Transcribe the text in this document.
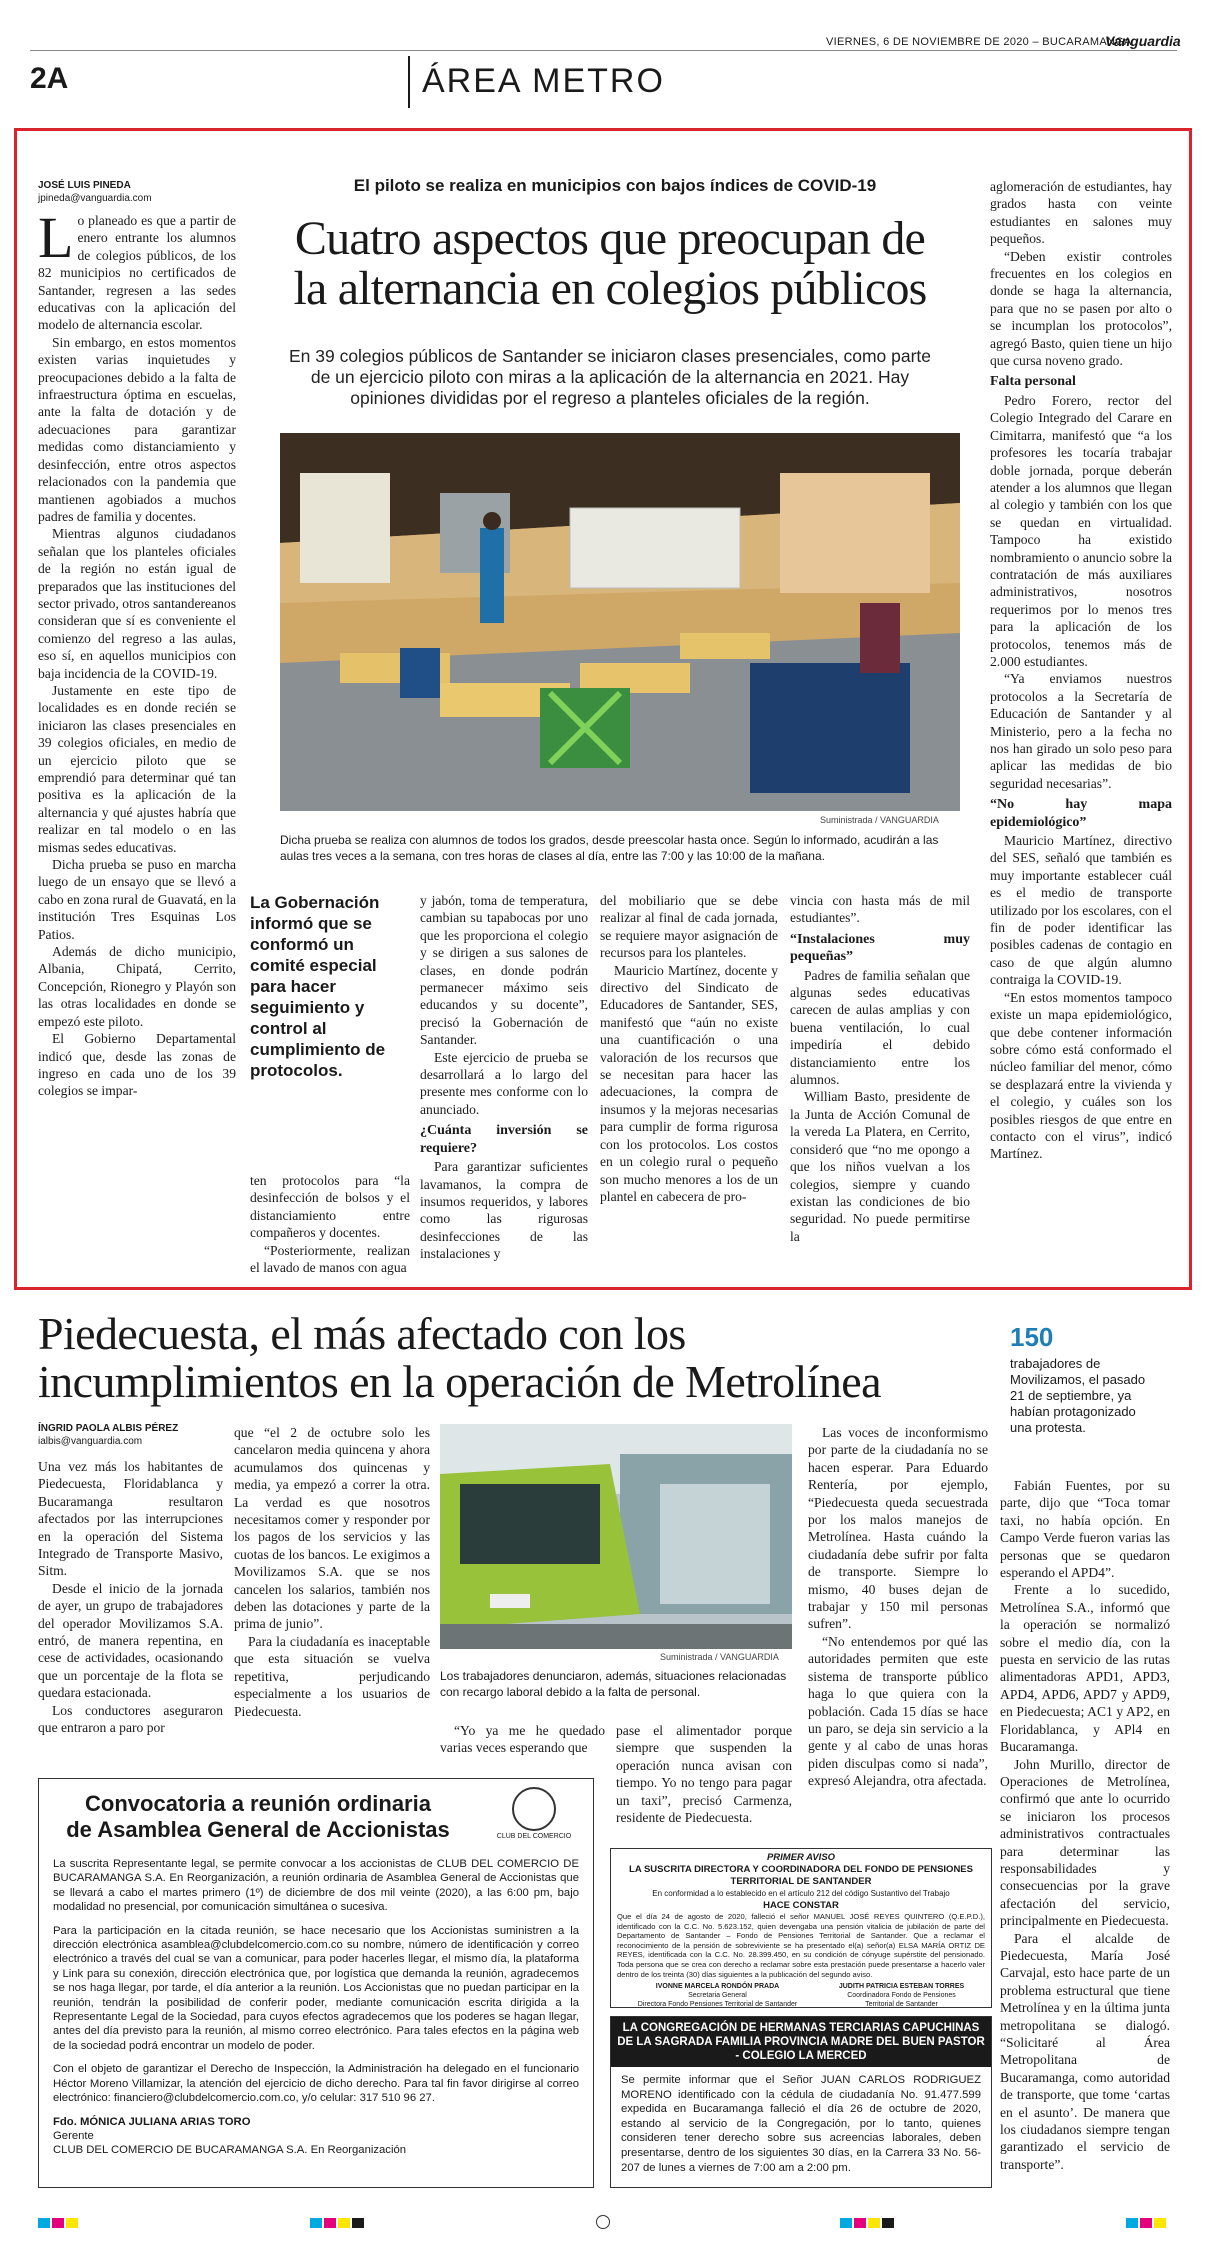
2A	ÁREA METRO
VIERNES, 6 DE NOVIEMBRE DE 2020 – BUCARAMANGA
Vanguardia
JOSÉ LUIS PINEDA
jpineda@vanguardia.com
El piloto se realiza en municipios con bajos índices de COVID-19
Cuatro aspectos que preocupan de
la alternancia en colegios públicos
En 39 colegios públicos de Santander se iniciaron clases presenciales, como parte de un ejercicio piloto con miras a la aplicación de la alternancia en 2021. Hay opiniones divididas por el regreso a planteles oficiales de la región.
Suministrada / VANGUARDIA
Dicha prueba se realiza con alumnos de todos los grados, desde preescolar hasta once. Según lo informado, acudirán a las aulas tres veces a la semana, con tres horas de clases al día, entre las 7:00 y las 10:00 de la mañana.
L o planeado es que a partir de enero entrante los alumnos de colegios públicos, de los 82 municipios no certificados de Santander, regresen a las sedes educativas con la aplicación del modelo de alternancia escolar.

Sin embargo, en estos momentos existen varias inquietudes y preocupaciones debido a la falta de infraestructura óptima en escuelas, ante la falta de dotación y de adecuaciones para garantizar medidas como distanciamiento y desinfección, entre otros aspectos relacionados con la pandemia que mantienen agobiados a muchos padres de familia y docentes.

Mientras algunos ciudadanos señalan que los planteles oficiales de la región no están igual de preparados que las instituciones del sector privado, otros santandereanos consideran que sí es conveniente el comienzo del regreso a las aulas, eso sí, en aquellos municipios con baja incidencia de la COVID-19.

Justamente en este tipo de localidades es en donde recién se iniciaron las clases presenciales en 39 colegios oficiales, en medio de un ejercicio piloto que se emprendió para determinar qué tan positiva es la aplicación de la alternancia y qué ajustes habría que realizar en tal modelo o en las mismas sedes educativas.

Dicha prueba se puso en marcha luego de un ensayo que se llevó a cabo en zona rural de Guavatá, en la institución Tres Esquinas Los Patios.

Además de dicho municipio, Albania, Chipatá, Cerrito, Concepción, Rionegro y Playón son las otras localidades en donde se empezó este piloto.

El Gobierno Departamental indicó que, desde las zonas de ingreso en cada uno de los 39 colegios se impar-

La Gobernación informó que se conformó un comité especial para hacer seguimiento y control al cumplimiento de protocolos.

ten protocolos para “la desinfección de bolsos y el distanciamiento entre compañeros y docentes.

“Posteriormente, realizan el lavado de manos con agua

y jabón, toma de temperatura, cambian su tapabocas por uno que les proporciona el colegio y se dirigen a sus salones de clases, en donde podrán permanecer máximo seis educandos y su docente”, precisó la Gobernación de Santander.

Este ejercicio de prueba se desarrollará a lo largo del presente mes conforme con lo anunciado.

¿Cuánta inversión se requiere?

Para garantizar suficientes lavamanos, la compra de insumos requeridos, y labores como las rigurosas desinfecciones de las instalaciones y

del mobiliario que se debe realizar al final de cada jornada, se requiere mayor asignación de recursos para los planteles.

Mauricio Martínez, docente y directivo del Sindicato de Educadores de Santander, SES, manifestó que “aún no existe una cuantificación o una valoración de los recursos que se necesitan para hacer las adecuaciones, la compra de insumos y la mejoras necesarias para cumplir de forma rigurosa con los protocolos. Los costos en un colegio rural o pequeño son mucho menores a los de un plantel en cabecera de pro-

vincia con hasta más de mil estudiantes”.

“Instalaciones muy pequeñas”

Padres de familia señalan que algunas sedes educativas carecen de aulas amplias y con buena ventilación, lo cual impediría el debido distanciamiento entre los alumnos.

William Basto, presidente de la Junta de Acción Comunal de la vereda La Platera, en Cerrito, consideró que “no me opongo a que los niños vuelvan a los colegios, siempre y cuando existan las condiciones de bio seguridad. No puede permitirse la

aglomeración de estudiantes, hay grados hasta con veinte estudiantes en salones muy pequeños.

“Deben existir controles frecuentes en los colegios en donde se haga la alternancia, para que no se pasen por alto o se incumplan los protocolos”, agregó Basto, quien tiene un hijo que cursa noveno grado.

Falta personal

Pedro Forero, rector del Colegio Integrado del Carare en Cimitarra, manifestó que “a los profesores les tocaría trabajar doble jornada, porque deberán atender a los alumnos que llegan al colegio y también con los que se quedan en virtualidad. Tampoco ha existido nombramiento o anuncio sobre la contratación de más auxiliares administrativos, nosotros requerimos por lo menos tres para la aplicación de los protocolos, tenemos más de 2.000 estudiantes.

“Ya enviamos nuestros protocolos a la Secretaría de Educación de Santander y al Ministerio, pero a la fecha no nos han girado un solo peso para aplicar las medidas de bio seguridad necesarias”.

“No hay mapa epidemiológico”

Mauricio Martínez, directivo del SES, señaló que también es muy importante establecer cuál es el medio de transporte utilizado por los escolares, con el fin de poder identificar las posibles cadenas de contagio en caso de que algún alumno contraiga la COVID-19.

“En estos momentos tampoco existe un mapa epidemiológico, que debe contener información sobre cómo está conformado el núcleo familiar del menor, cómo se desplazará entre la vivienda y el colegio, y cuáles son los posibles riesgos de que entre en contacto con el virus”, indicó Martínez.

Piedecuesta, el más afectado con los
incumplimientos en la operación de Metrolínea
150
trabajadores de Movilizamos, el pasado 21 de septiembre, ya habían protagonizado una protesta.
ÍNGRID PAOLA ALBIS PÉREZ
ialbis@vanguardia.com
Suministrada / VANGUARDIA
Los trabajadores denunciaron, además, situaciones relacionadas con recargo laboral debido a la falta de personal.

Una vez más los habitantes de Piedecuesta, Floridablanca y Bucaramanga resultaron afectados por las interrupciones en la operación del Sistema Integrado de Transporte Masivo, Sitm.

Desde el inicio de la jornada de ayer, un grupo de trabajadores del operador Movilizamos S.A. entró, de manera repentina, en cese de actividades, ocasionando que un porcentaje de la flota se quedara estacionada.

Los conductores aseguraron que entraron a paro por

que “el 2 de octubre solo les cancelaron media quincena y ahora acumulamos dos quincenas y media, ya empezó a correr la otra. La verdad es que nosotros necesitamos comer y responder por los pagos de los servicios y las cuotas de los bancos. Le exigimos a Movilizamos S.A. que se nos cancelen los salarios, también nos deben las dotaciones y parte de la prima de junio”.

Para la ciudadanía es inaceptable que esta situación se vuelva repetitiva, perjudicando especialmente a los usuarios de Piedecuesta.

“Yo ya me he quedado varias veces esperando que

pase el alimentador porque siempre que suspenden la operación nunca avisan con tiempo. Yo no tengo para pagar un taxi”, precisó Carmenza, residente de Piedecuesta.

Las voces de inconformismo por parte de la ciudadanía no se hacen esperar. Para Eduardo Rentería, por ejemplo, “Piedecuesta queda secuestrada por los malos manejos de Metrolínea. Hasta cuándo la ciudadanía debe sufrir por falta de transporte. Siempre lo mismo, 40 buses dejan de trabajar y 150 mil personas sufren”.

“No entendemos por qué las autoridades permiten que este sistema de transporte público haga lo que quiera con la población. Cada 15 días se hace un paro, se deja sin servicio a la gente y al cabo de unas horas piden disculpas como si nada”, expresó Alejandra, otra afectada.

Fabián Fuentes, por su parte, dijo que “Toca tomar taxi, no había opción. En Campo Verde fueron varias las personas que se quedaron esperando el APD4”.

Frente a lo sucedido, Metrolínea S.A., informó que la operación se normalizó sobre el medio día, con la puesta en servicio de las rutas alimentadoras APD1, APD3, APD4, APD6, APD7 y APD9, en Piedecuesta; AC1 y AP2, en Floridablanca, y APl4 en Bucaramanga.

John Murillo, director de Operaciones de Metrolínea, confirmó que ante lo ocurrido se iniciaron los procesos administrativos contractuales para determinar las responsabilidades y consecuencias por la grave afectación del servicio, principalmente en Piedecuesta.

Para el alcalde de Piedecuesta, María José Carvajal, esto hace parte de un problema estructural que tiene Metrolínea y en la última junta metropolitana se dialogó. “Solicitaré al Área Metropolitana de Bucaramanga, como autoridad de transporte, que tome ‘cartas en el asunto’. De manera que los ciudadanos siempre tengan garantizado el servicio de transporte”.

Convocatoria a reunión ordinaria
de Asamblea General de Accionistas	CLUB DEL COMERCIO
La suscrita Representante legal, se permite convocar a los accionistas de CLUB DEL COMERCIO DE BUCARAMANGA S.A. En Reorganización, a reunión ordinaria de Asamblea General de Accionistas que se llevará a cabo el martes primero (1º) de diciembre de dos mil veinte (2020), a las 6:00 pm, bajo modalidad no presencial, por comunicación simultánea o sucesiva.
Para la participación en la citada reunión, se hace necesario que los Accionistas suministren a la dirección electrónica asamblea@clubdelcomercio.com.co su nombre, número de identificación y correo electrónico a través del cual se van a comunicar, para poder hacerles llegar, el mismo día, la plataforma y Link para su conexión, dirección electrónica que, por logística que demanda la reunión, agradecemos se nos haga llegar, por tarde, el día anterior a la reunión. Los Accionistas que no puedan participar en la reunión, tendrán la posibilidad de conferir poder, mediante comunicación escrita dirigida a la Representante Legal de la Sociedad, para cuyos efectos agradecemos que los poderes se hagan llegar, antes del día previsto para la reunión, al mismo correo electrónico. Para tales efectos en la página web de la sociedad podrá encontrar un modelo de poder.
Con el objeto de garantizar el Derecho de Inspección, la Administración ha delegado en el funcionario Héctor Moreno Villamizar, la atención del ejercicio de dicho derecho. Para tal fin favor dirigirse al correo electrónico: financiero@clubdelcomercio.com.co, y/o celular: 317 510 96 27.
Fdo. MÓNICA JULIANA ARIAS TORO
Gerente
CLUB DEL COMERCIO DE BUCARAMANGA S.A. En Reorganización
PRIMER AVISO
LA SUSCRITA DIRECTORA Y COORDINADORA DEL FONDO DE PENSIONES TERRITORIAL DE SANTANDER
En conformidad a lo establecido en el artículo 212 del código Sustantivo del Trabajo
HACE CONSTAR
Que el día 24 de agosto de 2020, falleció el señor MANUEL JOSÉ REYES QUINTERO (Q.E.P.D.), identificado con la C.C. No. 5.623.152, quien devengaba una pensión vitalicia de jubilación de parte del Departamento de Santander – Fondo de Pensiones Territorial de Santander. Que a reclamar el reconocimiento de la pensión de sobreviviente se ha presentado el(a) señor(a) ELSA MARÍA ORTIZ DE REYES, identificada con la C.C. No. 28.399.450, en su condición de cónyuge supérstite del pensionado. Toda persona que se crea con derecho a reclamar sobre esta prestación puede presentarse a hacerlo valer dentro de los treinta (30) días siguientes a la publicación del segundo aviso.
IVONNE MARCELA RONDÓN PRADA
Secretaria General
Directora Fondo Pensiones Territorial de Santander
JUDITH PATRICIA ESTEBAN TORRES
Coordinadora Fondo de Pensiones
Territorial de Santander
LA CONGREGACIÓN DE HERMANAS TERCIARIAS CAPUCHINAS DE LA SAGRADA FAMILIA PROVINCIA MADRE DEL BUEN PASTOR - COLEGIO LA MERCED
Se permite informar que el Señor JUAN CARLOS RODRIGUEZ MORENO identificado con la cédula de ciudadanía No. 91.477.599 expedida en Bucaramanga falleció el día 26 de octubre de 2020, estando al servicio de la Congregación, por lo tanto, quienes consideren tener derecho sobre sus acreencias laborales, deben presentarse, dentro de los siguientes 30 días, en la Carrera 33 No. 56-207 de lunes a viernes de 7:00 am a 2:00 pm.
